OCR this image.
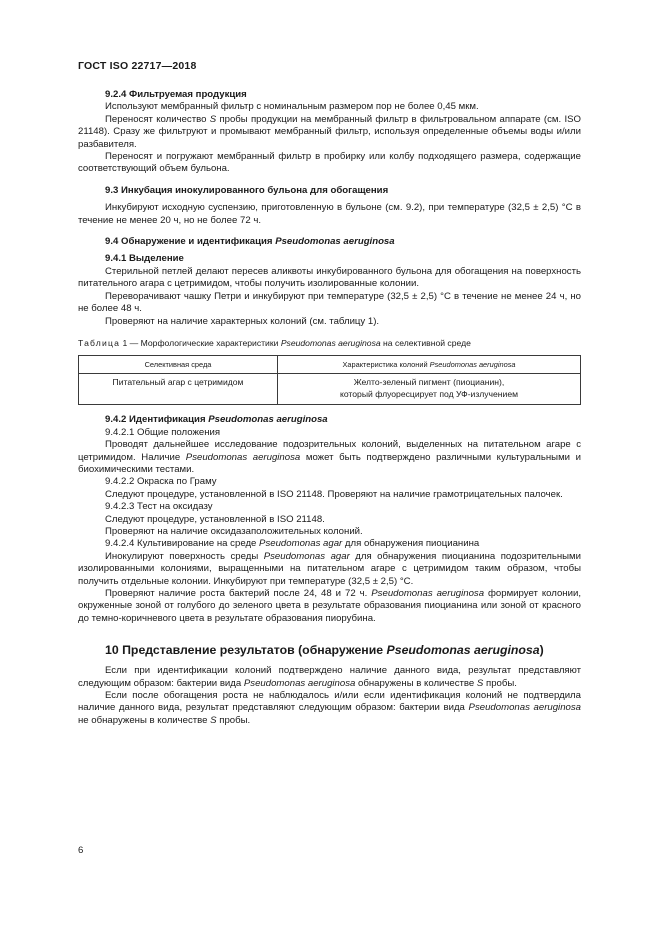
ГОСТ ISO 22717—2018
9.2.4 Фильтруемая продукция

Используют мембранный фильтр с номинальным размером пор не более 0,45 мкм.

Переносят количество S пробы продукции на мембранный фильтр в фильтровальном аппарате (см. ISO 21148). Сразу же фильтруют и промывают мембранный фильтр, используя определенные объемы воды и/или разбавителя.

Переносят и погружают мембранный фильтр в пробирку или колбу подходящего размера, содержащие соответствующий объем бульона.

9.3 Инкубация инокулированного бульона для обогащения

Инкубируют исходную суспензию, приготовленную в бульоне (см. 9.2), при температуре (32,5 ± 2,5) °С в течение не менее 20 ч, но не более 72 ч.

9.4 Обнаружение и идентификация Pseudomonas aeruginosa
9.4.1 Выделение

Стерильной петлей делают пересев аликвоты инкубированного бульона для обогащения на поверхность питательного агара с цетримидом, чтобы получить изолированные колонии.

Переворачивают чашку Петри и инкубируют при температуре (32,5 ± 2,5) °С в течение не менее 24 ч, но не более 48 ч.

Проверяют на наличие характерных колоний (см. таблицу 1).

Таблица 1 — Морфологические характеристики Pseudomonas aeruginosa на селективной среде
Селективная среда	Характеристика колоний Pseudomonas aeruginosa
Питательный агар с цетримидом	Желто-зеленый пигмент (пиоцианин),
который флуоресцирует под УФ-излучением
9.4.2 Идентификация Pseudomonas aeruginosa
9.4.2.1 Общие положения

Проводят дальнейшее исследование подозрительных колоний, выделенных на питательном агаре с цетримидом. Наличие Pseudomonas aeruginosa может быть подтверждено различными культуральными и биохимическими тестами.

9.4.2.2 Окраска по Граму

Следуют процедуре, установленной в ISO 21148. Проверяют на наличие грамотрицательных палочек.

9.4.2.3 Тест на оксидазу

Следуют процедуре, установленной в ISO 21148.

Проверяют на наличие оксидазаположительных колоний.

9.4.2.4 Культивирование на среде Pseudomonas agar для обнаружения пиоцианина

Инокулируют поверхность среды Pseudomonas agar для обнаружения пиоцианина подозрительными изолированными колониями, выращенными на питательном агаре с цетримидом таким образом, чтобы получить отдельные колонии. Инкубируют при температуре (32,5 ± 2,5) °С.

Проверяют наличие роста бактерий после 24, 48 и 72 ч. Pseudomonas aeruginosa формирует колонии, окруженные зоной от голубого до зеленого цвета в результате образования пиоцианина или зоной от красного до темно-коричневого цвета в результате образования пиорубина.

10 Представление результатов (обнаружение Pseudomonas aeruginosa)

Если при идентификации колоний подтверждено наличие данного вида, результат представляют следующим образом: бактерии вида Pseudomonas aeruginosa обнаружены в количестве S пробы.

Если после обогащения роста не наблюдалось и/или если идентификация колоний не подтвердила наличие данного вида, результат представляют следующим образом: бактерии вида Pseudomonas aeruginosa не обнаружены в количестве S пробы.

6
